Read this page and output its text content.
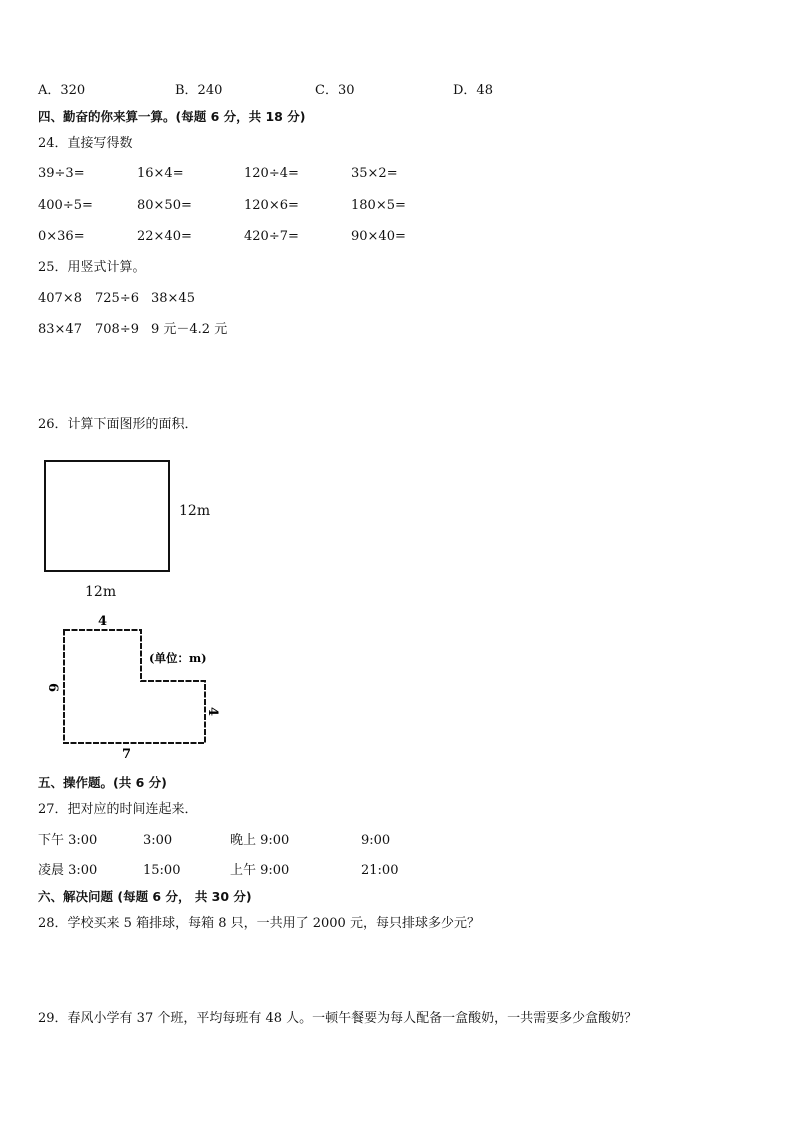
A．320	B．240	C．30	D．48
四、勤奋的你来算一算。(每题 6 分，共 18 分)
24．直接写得数
39÷3=	16×4=	120÷4=	35×2=
400÷5=	80×50=	120×6=	180×5=
0×36=	22×40=	420÷7=	90×40=
25．用竖式计算。
407×8 725÷6 38×45
83×47 708÷9 9 元－4.2 元
26．计算下面图形的面积．
12m
12m
4
6
4
7
(单位：m)
五、操作题。(共 6 分)
27．把对应的时间连起来．
下午 3:00	3:00	晚上 9:00	9:00
凌晨 3:00	15:00	上午 9:00	21:00
六、解决问题 (每题 6 分， 共 30 分)
28．学校买来 5 箱排球，每箱 8 只，一共用了 2000 元，每只排球多少元？
29．春风小学有 37 个班，平均每班有 48 人。一顿午餐要为每人配备一盒酸奶，一共需要多少盒酸奶？
